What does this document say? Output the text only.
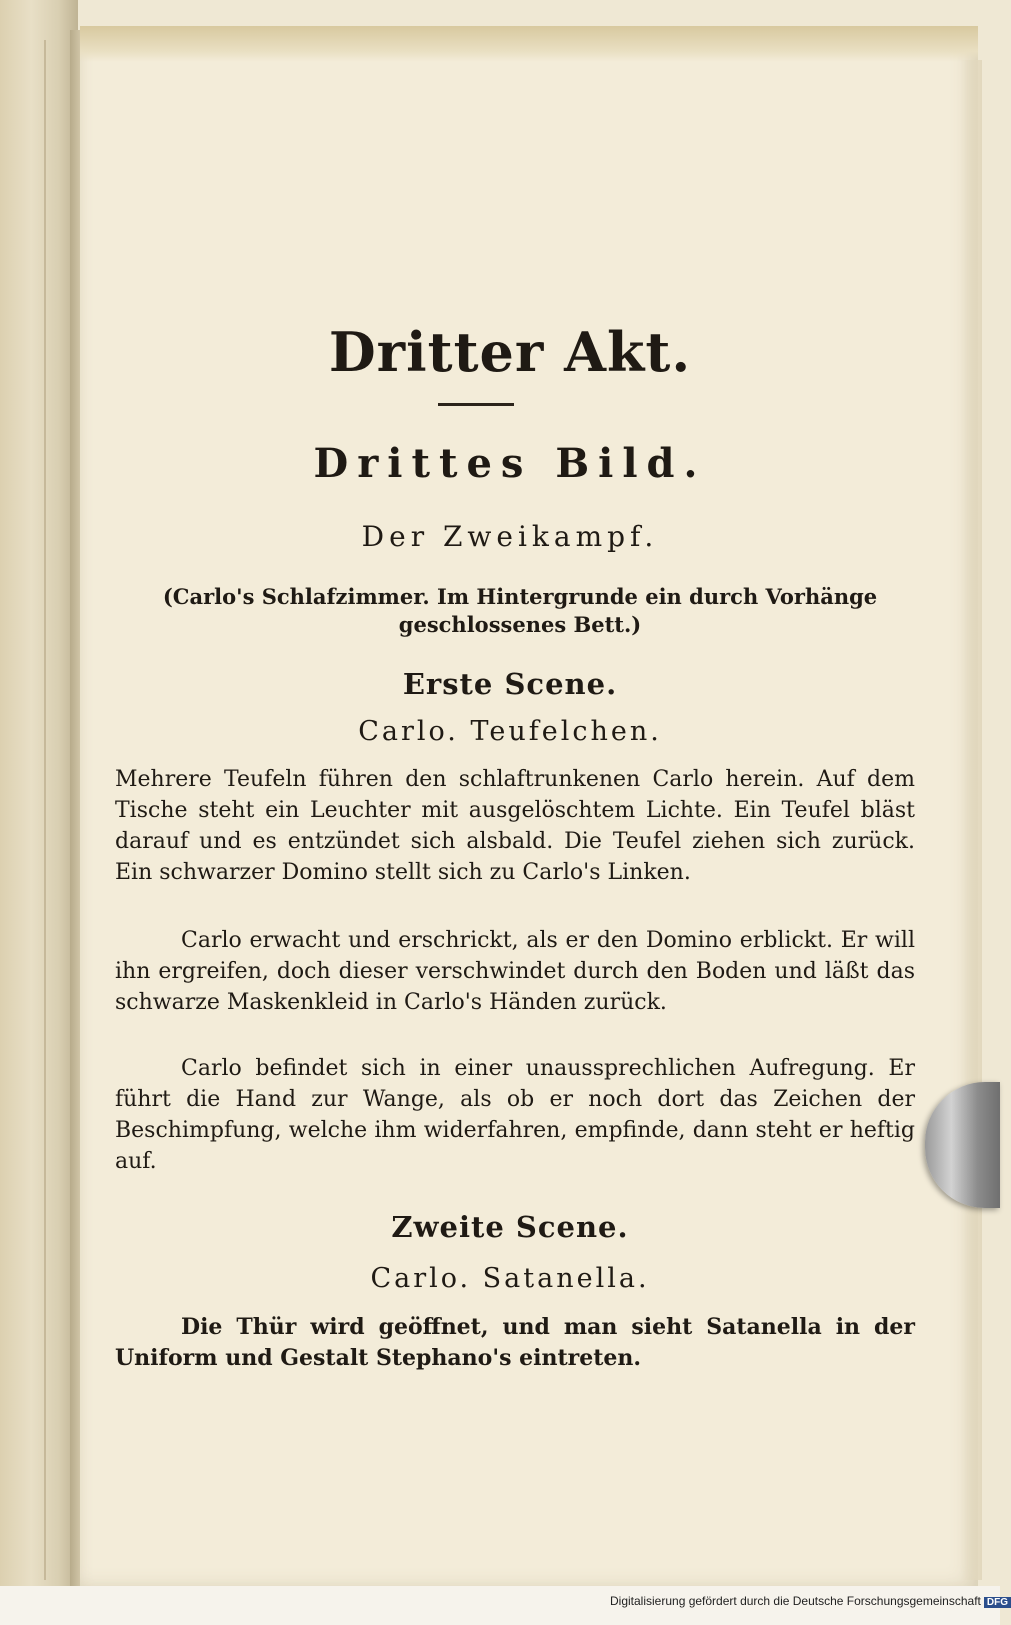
Dritter Akt.
Drittes Bild.
Der Zweikampf.
(Carlo's Schlafzimmer. Im Hintergrunde ein durch Vorhänge geschlossenes Bett.)
Erste Scene.
Carlo. Teufelchen.
Mehrere Teufeln führen den schlaftrunkenen Carlo herein. Auf dem Tische steht ein Leuchter mit ausgelöschtem Lichte. Ein Teufel bläst darauf und es entzündet sich alsbald. Die Teufel ziehen sich zurück. Ein schwarzer Domino stellt sich zu Carlo's Linken.
Carlo erwacht und erschrickt, als er den Domino erblickt. Er will ihn ergreifen, doch dieser verschwindet durch den Boden und läßt das schwarze Maskenkleid in Carlo's Händen zurück.
Carlo befindet sich in einer unaussprechlichen Aufregung. Er führt die Hand zur Wange, als ob er noch dort das Zeichen der Beschimpfung, welche ihm widerfahren, empfinde, dann steht er heftig auf.
Zweite Scene.
Carlo. Satanella.
Die Thür wird geöffnet, und man sieht Satanella in der Uniform und Gestalt Stephano's eintreten.
Digitalisierung gefördert durch die Deutsche Forschungsgemeinschaft DFG
